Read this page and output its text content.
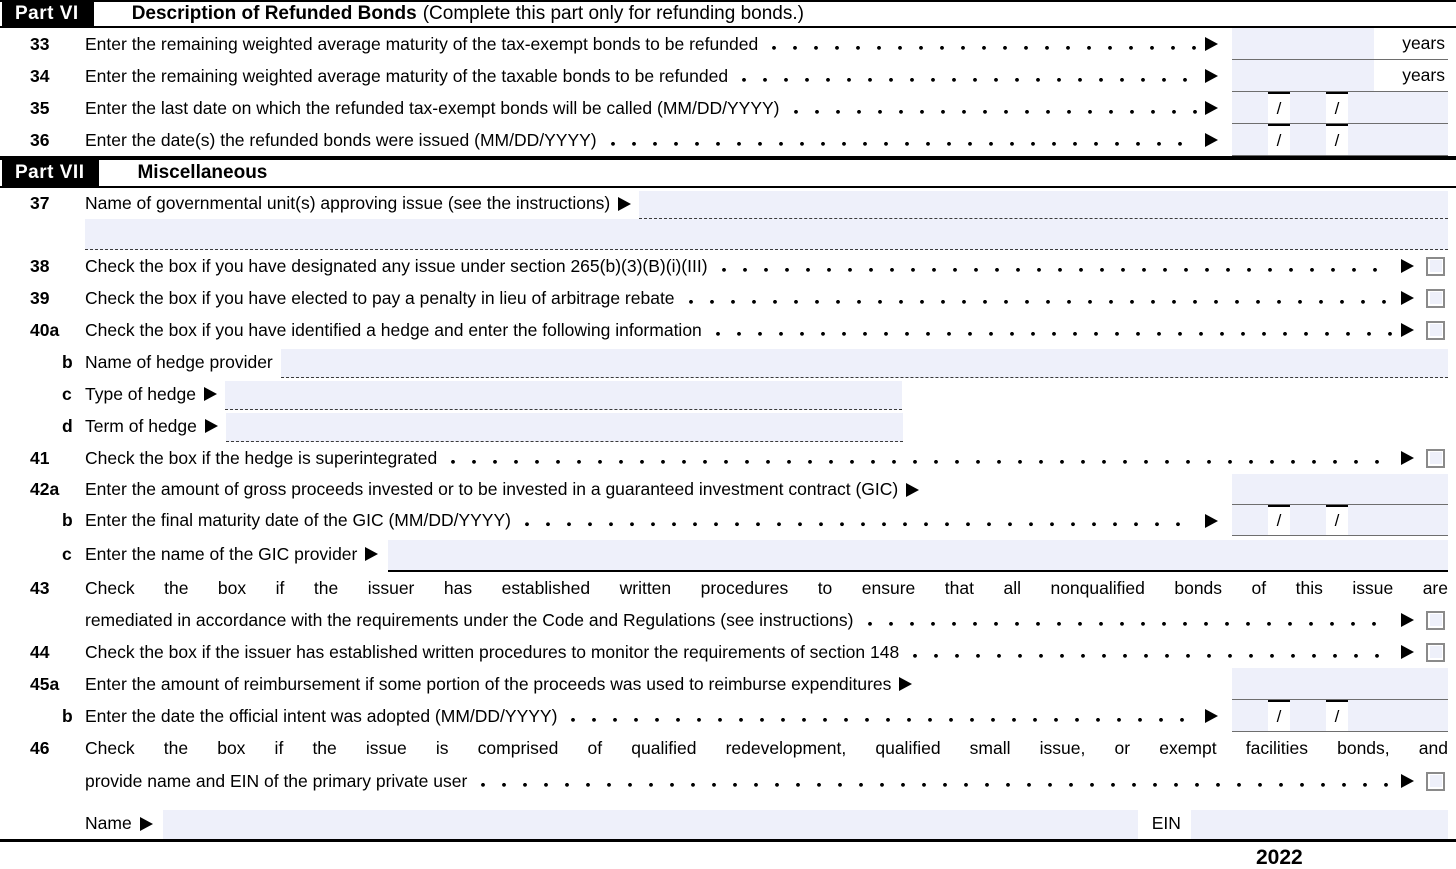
Part VI	Description of Refunded Bonds (Complete this part only for refunding bonds.)
33	Enter the remaining weighted average maturity of the tax-exempt bonds to be refunded	years
34	Enter the remaining weighted average maturity of the taxable bonds to be refunded	years
35	Enter the last date on which the refunded tax-exempt bonds will be called (MM/DD/YYYY)	/	/
36	Enter the date(s) the refunded bonds were issued (MM/DD/YYYY)	/	/
Part VII	Miscellaneous
37	Name of governmental unit(s) approving issue (see the instructions)
38	Check the box if you have designated any issue under section 265(b)(3)(B)(i)(III)
39	Check the box if you have elected to pay a penalty in lieu of arbitrage rebate
40a	Check the box if you have identified a hedge and enter the following information
b Name of hedge provider
c Type of hedge
d Term of hedge
41	Check the box if the hedge is superintegrated
42a	Enter the amount of gross proceeds invested or to be invested in a guaranteed investment contract (GIC)
b Enter the final maturity date of the GIC (MM/DD/YYYY)	/	/
c Enter the name of the GIC provider
43	Check the box if the issuer has established written procedures to ensure that all nonqualified bonds of this issue are
remediated in accordance with the requirements under the Code and Regulations (see instructions)
44	Check the box if the issuer has established written procedures to monitor the requirements of section 148
45a	Enter the amount of reimbursement if some portion of the proceeds was used to reimburse expenditures
b Enter the date the official intent was adopted (MM/DD/YYYY)	/	/
46	Check the box if the issue is comprised of qualified redevelopment, qualified small issue, or exempt facilities bonds, and
provide name and EIN of the primary private user
Name	EIN
2022
